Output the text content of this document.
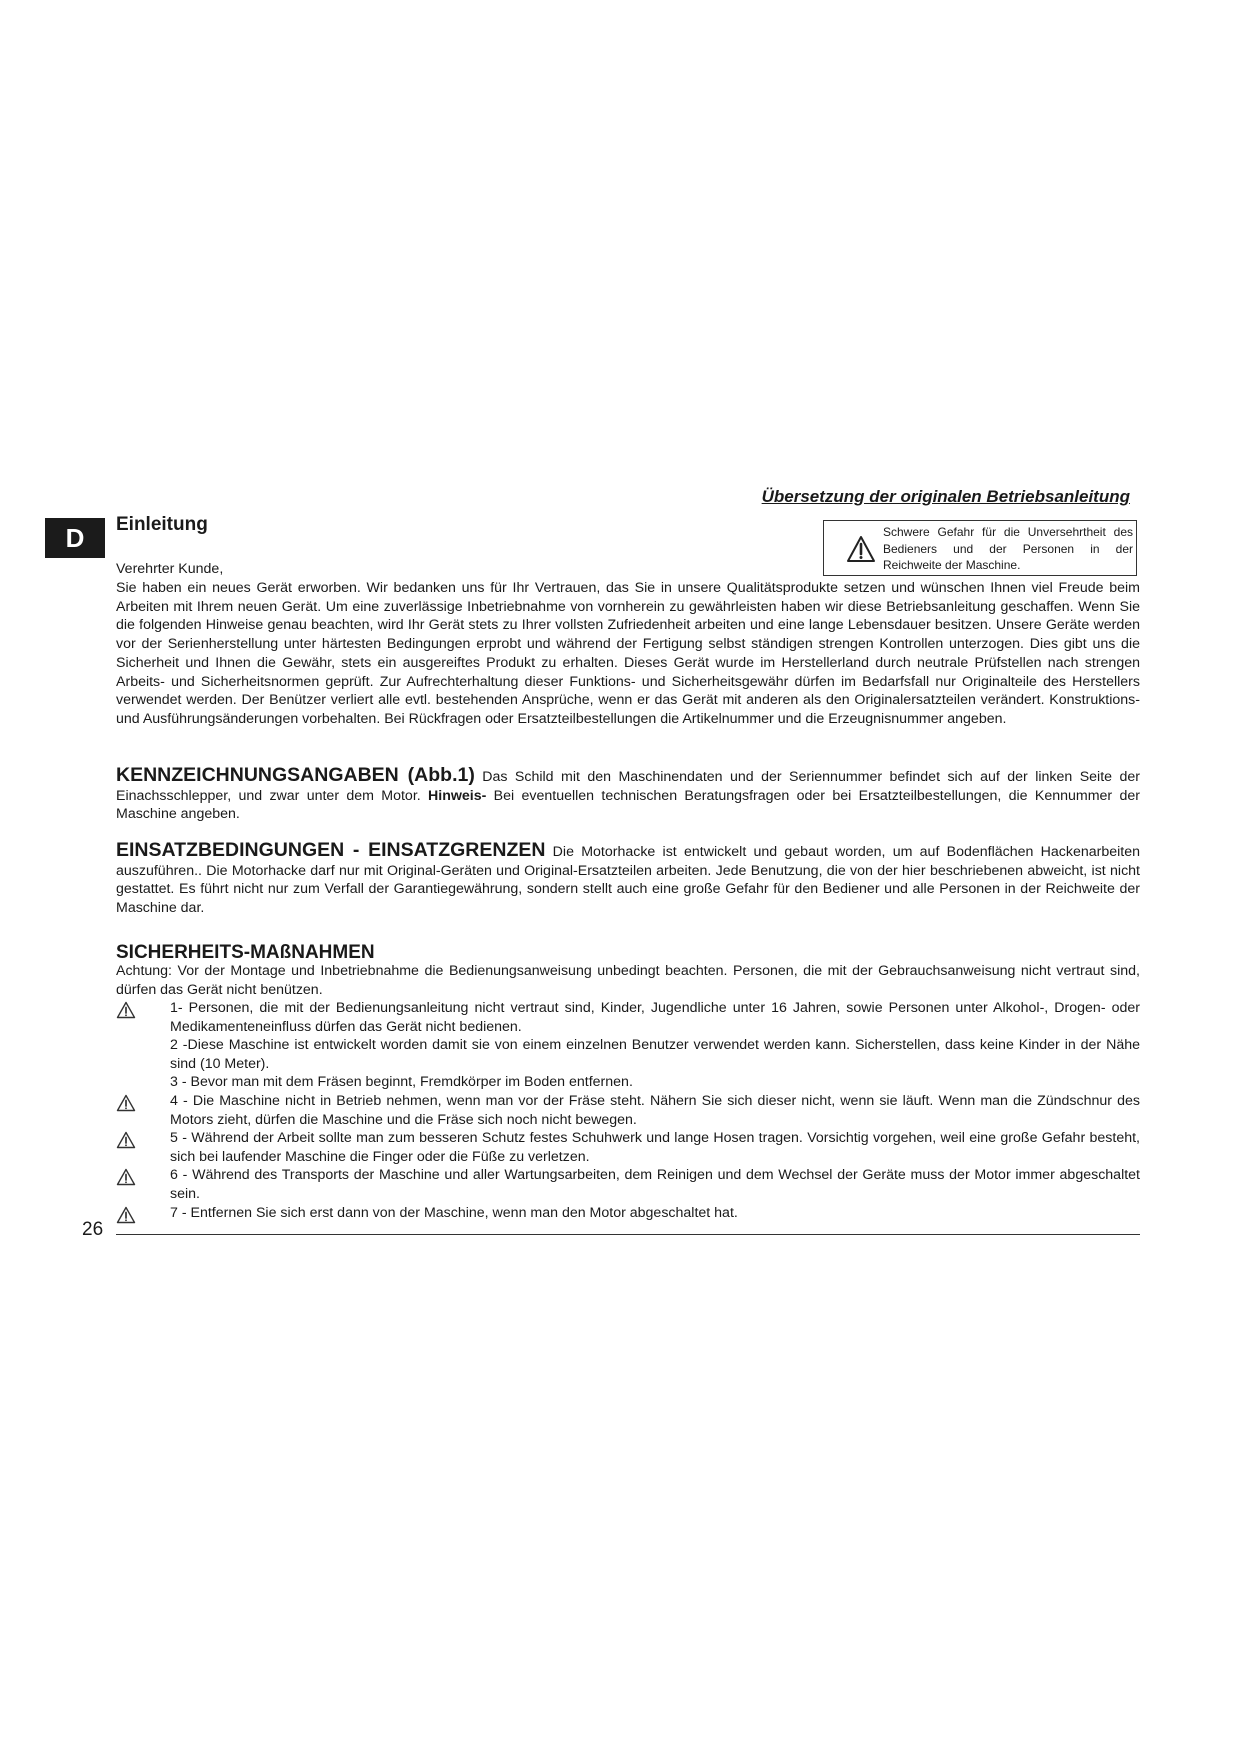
Übersetzung der originalen Betriebsanleitung
D	Einleitung	Schwere Gefahr für die Unversehrtheit des Bedieners und der Personen in der
Reichweite der Maschine.

Verehrter Kunde,

Sie haben ein neues Gerät erworben. Wir bedanken uns für Ihr Vertrauen, das Sie in unsere Qualitätsprodukte setzen und wünschen Ihnen viel Freude beim Arbeiten mit Ihrem neuen Gerät. Um eine zuverlässige Inbetriebnahme von vornherein zu gewährleisten haben wir diese Betriebsanleitung geschaffen. Wenn Sie die folgenden Hinweise genau beachten, wird Ihr Gerät stets zu Ihrer vollsten Zufriedenheit arbeiten und eine lange Lebensdauer besitzen. Unsere Geräte werden vor der Serienherstellung unter härtesten Bedingungen erprobt und während der Fertigung selbst ständigen strengen Kontrollen unterzogen. Dies gibt uns die Sicherheit und Ihnen die Gewähr, stets ein ausgereiftes Produkt zu erhalten. Dieses Gerät wurde im Herstellerland durch neutrale Prüfstellen nach strengen Arbeits- und Sicherheitsnormen geprüft. Zur Aufrechterhaltung dieser Funktions- und Sicherheitsgewähr dürfen im Bedarfsfall nur Originalteile des Herstellers verwendet werden. Der Benützer verliert alle evtl. bestehenden Ansprüche, wenn er das Gerät mit anderen als den Originalersatzteilen verändert. Konstruktions-und Ausführungsänderungen vorbehalten. Bei Rückfragen oder Ersatzteilbestellungen die Artikelnummer und die Erzeugnisnummer angeben.

KENNZEICHNUNGSANGABEN (Abb.1) Das Schild mit den Maschinendaten und der Seriennummer befindet sich auf der linken Seite der Einachsschlepper, und zwar unter dem Motor. Hinweis- Bei eventuellen technischen Beratungsfragen oder bei Ersatzteilbestellungen, die Kennummer der Maschine angeben.

EINSATZBEDINGUNGEN - EINSATZGRENZEN Die Motorhacke ist entwickelt und gebaut worden, um auf Bodenflächen Hackenarbeiten auszuführen.. Die Motorhacke darf nur mit Original-Geräten und Original-Ersatzteilen arbeiten. Jede Benutzung, die von der hier beschriebenen abweicht, ist nicht gestattet. Es führt nicht nur zum Verfall der Garantiegewährung, sondern stellt auch eine große Gefahr für den Bediener und alle Personen in der Reichweite der Maschine dar.

SICHERHEITS-MAßNAHMEN

Achtung: Vor der Montage und Inbetriebnahme die Bedienungsanweisung unbedingt beachten. Personen, die mit der Gebrauchsanweisung nicht vertraut sind, dürfen das Gerät nicht benützen.

1- Personen, die mit der Bedienungsanleitung nicht vertraut sind, Kinder, Jugendliche unter 16 Jahren, sowie Personen unter Alkohol-, Drogen- oder Medikamenteneinfluss dürfen das Gerät nicht bedienen.
2 -Diese Maschine ist entwickelt worden damit sie von einem einzelnen Benutzer verwendet werden kann. Sicherstellen, dass keine Kinder in der Nähe sind (10 Meter).
3 - Bevor man mit dem Fräsen beginnt, Fremdkörper im Boden entfernen.
4 - Die Maschine nicht in Betrieb nehmen, wenn man vor der Fräse steht. Nähern Sie sich dieser nicht, wenn sie läuft. Wenn man die Zündschnur des Motors zieht, dürfen die Maschine und die Fräse sich noch nicht bewegen.
5 - Während der Arbeit sollte man zum besseren Schutz festes Schuhwerk und lange Hosen tragen. Vorsichtig vorgehen, weil eine große Gefahr besteht, sich bei laufender Maschine die Finger oder die Füße zu verletzen.
6 - Während des Transports der Maschine und aller Wartungsarbeiten, dem Reinigen und dem Wechsel der Geräte muss der Motor immer abgeschaltet sein.
7 - Entfernen Sie sich erst dann von der Maschine, wenn man den Motor abgeschaltet hat.

26
